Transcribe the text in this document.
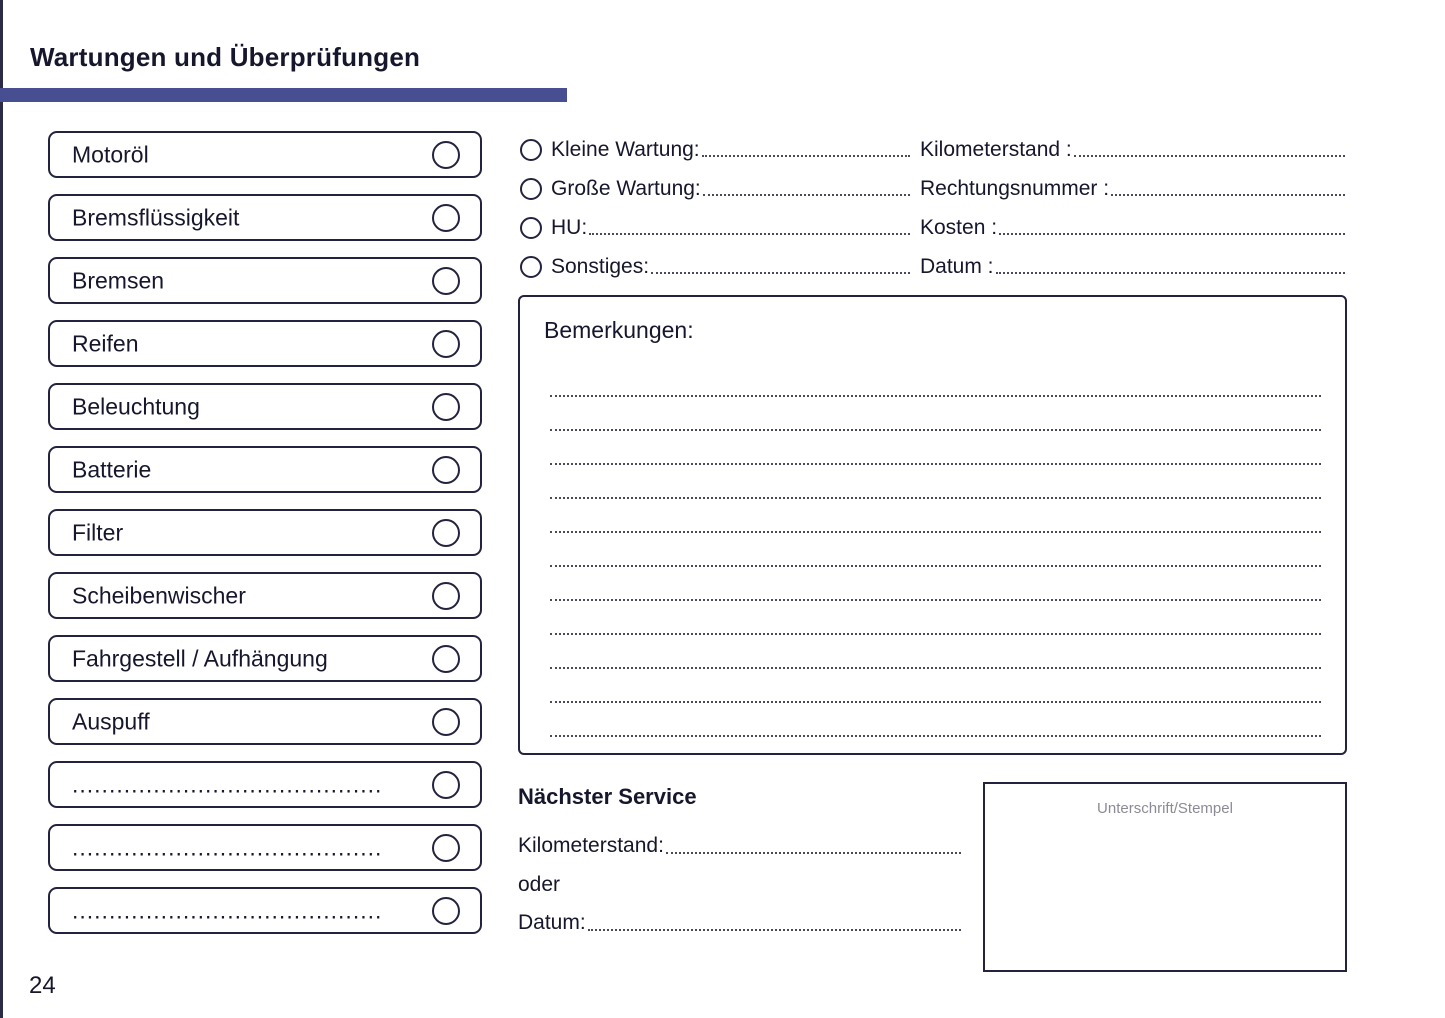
Wartungen und Überprüfungen
Motoröl
Bremsflüssigkeit
Bremsen
Reifen
Beleuchtung
Batterie
Filter
Scheibenwischer
Fahrgestell / Aufhängung
Auspuff
..........................................
..........................................
..........................................
Kleine Wartung:
Große Wartung:
HU:
Sonstiges:
Kilometerstand :
Rechtungsnummer :
Kosten :
Datum :
Bemerkungen:
Nächster Service
Kilometerstand:
oder
Datum:
Unterschrift/Stempel
24
